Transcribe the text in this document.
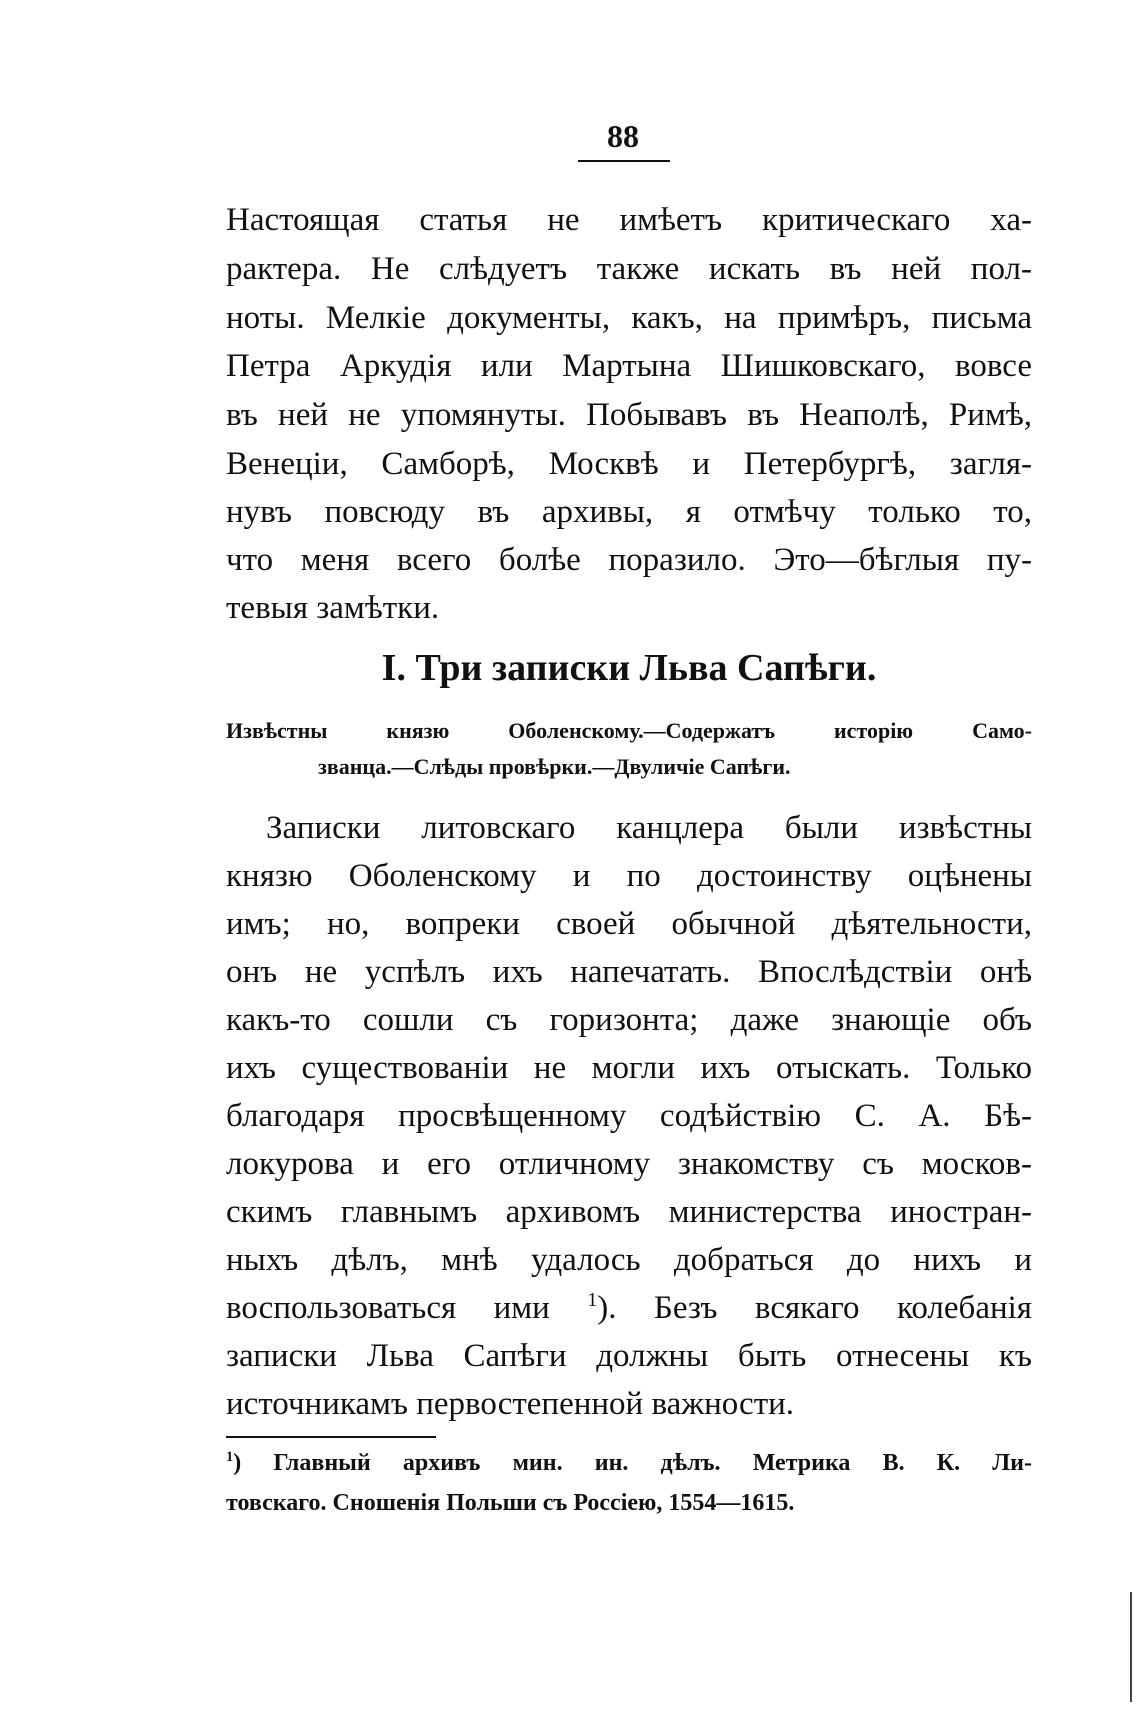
88
Настоящая статья не имѣетъ критическаго ха-
рактера. Не слѣдуетъ также искать въ ней пол-
ноты. Мелкіе документы, какъ, на примѣръ, письма
Петра Аркудія или Мартына Шишковскаго, вовсе
въ ней не упомянуты. Побывавъ въ Неаполѣ, Римѣ,
Венеціи, Самборѣ, Москвѣ и Петербургѣ, загля-
нувъ повсюду въ архивы, я отмѣчу только то,
что меня всего болѣе поразило. Это—бѣглыя пу-
тевыя замѣтки.
I. Три записки Льва Сапѣги.
Извѣстны князю Оболенскому.—Содержатъ исторію Само-
званца.—Слѣды провѣрки.—Двуличіе Сапѣги.
Записки литовскаго канцлера были извѣстны
князю Оболенскому и по достоинству оцѣнены
имъ; но, вопреки своей обычной дѣятельности,
онъ не успѣлъ ихъ напечатать. Впослѣдствіи онѣ
какъ-то сошли съ горизонта; даже знающіе объ
ихъ существованіи не могли ихъ отыскать. Только
благодаря просвѣщенному содѣйствію С. А. Бѣ-
локурова и его отличному знакомству съ москов-
скимъ главнымъ архивомъ министерства иностран-
ныхъ дѣлъ, мнѣ удалось добраться до нихъ и
воспользоваться ими $^1$). Безъ всякаго колебанія
записки Льва Сапѣги должны быть отнесены къ
источникамъ первостепенной важности.
$^1$) Главный архивъ мин. ин. дѣлъ. Метрика В. К. Ли-
товскаго. Сношенія Польши съ Россіею, 1554—1615.
